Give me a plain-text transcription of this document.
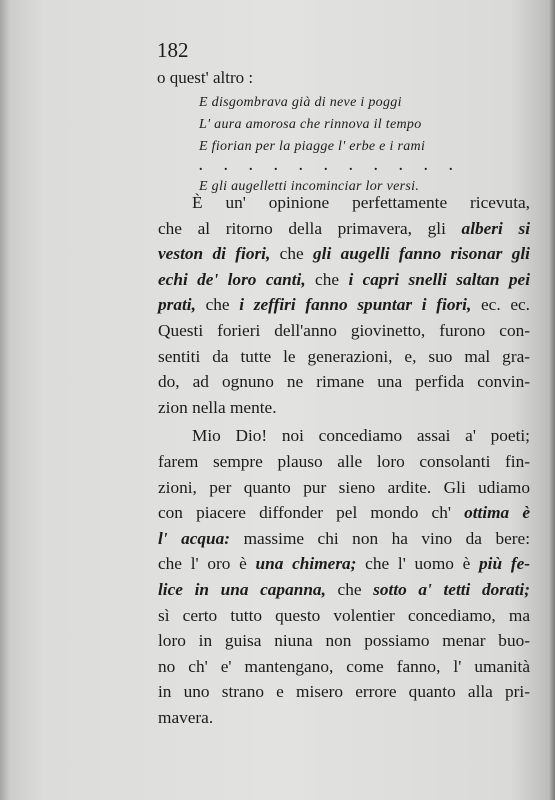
182
o quest' altro :
E disgombrava già di neve i poggi
L' aura amorosa che rinnova il tempo
E fiorian per la piagge l' erbe e i rami
. . . . . . . . . . .
E gli augelletti incominciar lor versi.

È un' opinione perfettamente ricevuta,
che al ritorno della primavera, gli alberi si
veston di fiori, che gli augelli fanno risonar gli
echi de' loro canti, che i capri snelli saltan pei
prati, che i zeffiri fanno spuntar i fiori, ec. ec.
Questi forieri dell'anno giovinetto, furono con-
sentiti da tutte le generazioni, e, suo mal gra-
do, ad ognuno ne rimane una perfida convin-
zion nella mente.

Mio Dio! noi concediamo assai a' poeti;
farem sempre plauso alle loro consolanti fin-
zioni, per quanto pur sieno ardite. Gli udiamo
con piacere diffonder pel mondo ch' ottima è
l' acqua: massime chi non ha vino da bere:
che l' oro è una chimera; che l' uomo è più fe-
lice in una capanna, che sotto a' tetti dorati;
sì certo tutto questo volentier concediamo, ma
loro in guisa niuna non possiamo menar buo-
no ch' e' mantengano, come fanno, l' umanità
in uno strano e misero errore quanto alla pri-
mavera.
